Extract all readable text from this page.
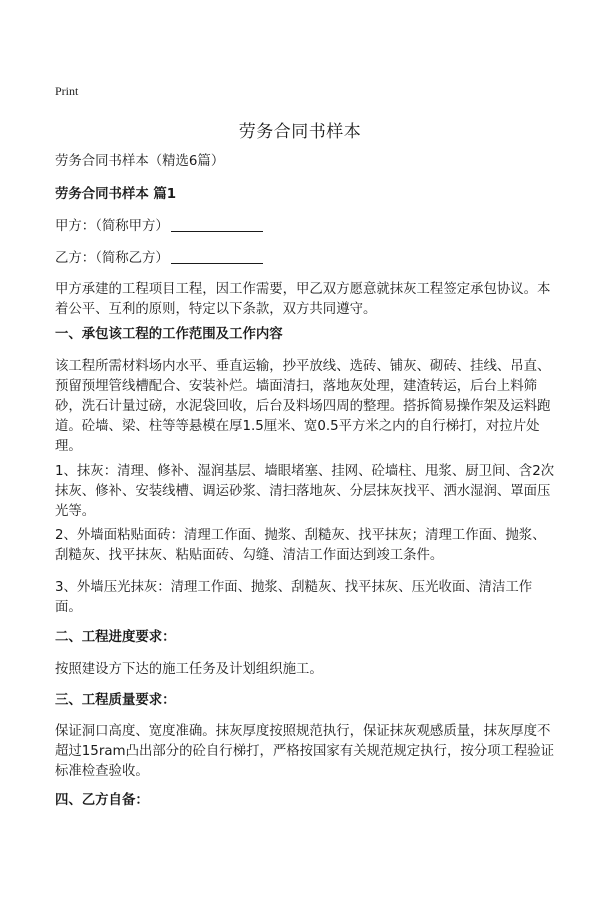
Print
劳务合同书样本

劳务合同书样本（精选6篇）

劳务合同书样本 篇1

甲方：（简称甲方）

乙方：（简称乙方）

甲方承建的工程项目工程，因工作需要，甲乙双方愿意就抹灰工程签定承包协议。本着公平、互利的原则，特定以下条款，双方共同遵守。

一、承包该工程的工作范围及工作内容

该工程所需材料场内水平、垂直运输，抄平放线、选砖、铺灰、砌砖、挂线、吊直、预留预埋管线槽配合、安装补烂。墙面清扫，落地灰处理，建渣转运，后台上料筛砂，洗石计量过磅，水泥袋回收，后台及料场四周的整理。搭拆简易操作架及运料跑道。砼墙、梁、柱等等悬模在厚1.5厘米、宽0.5平方米之内的自行梯打，对拉片处理。

1、抹灰：清理、修补、湿润基层、墙眼堵塞、挂网、砼墙柱、甩浆、厨卫间、含2次抹灰、修补、安装线槽、调运砂浆、清扫落地灰、分层抹灰找平、洒水湿润、罩面压光等。

2、外墙面粘贴面砖：清理工作面、抛浆、刮糙灰、找平抹灰；清理工作面、抛浆、刮糙灰、找平抹灰、粘贴面砖、勾缝、清洁工作面达到竣工条件。

3、外墙压光抹灰：清理工作面、抛浆、刮糙灰、找平抹灰、压光收面、清洁工作面。

二、工程进度要求：

按照建设方下达的施工任务及计划组织施工。

三、工程质量要求：

保证洞口高度、宽度准确。抹灰厚度按照规范执行，保证抹灰观感质量，抹灰厚度不超过15ram凸出部分的砼自行梯打，严格按国家有关规范规定执行，按分项工程验证标准检查验收。

四、乙方自备：
